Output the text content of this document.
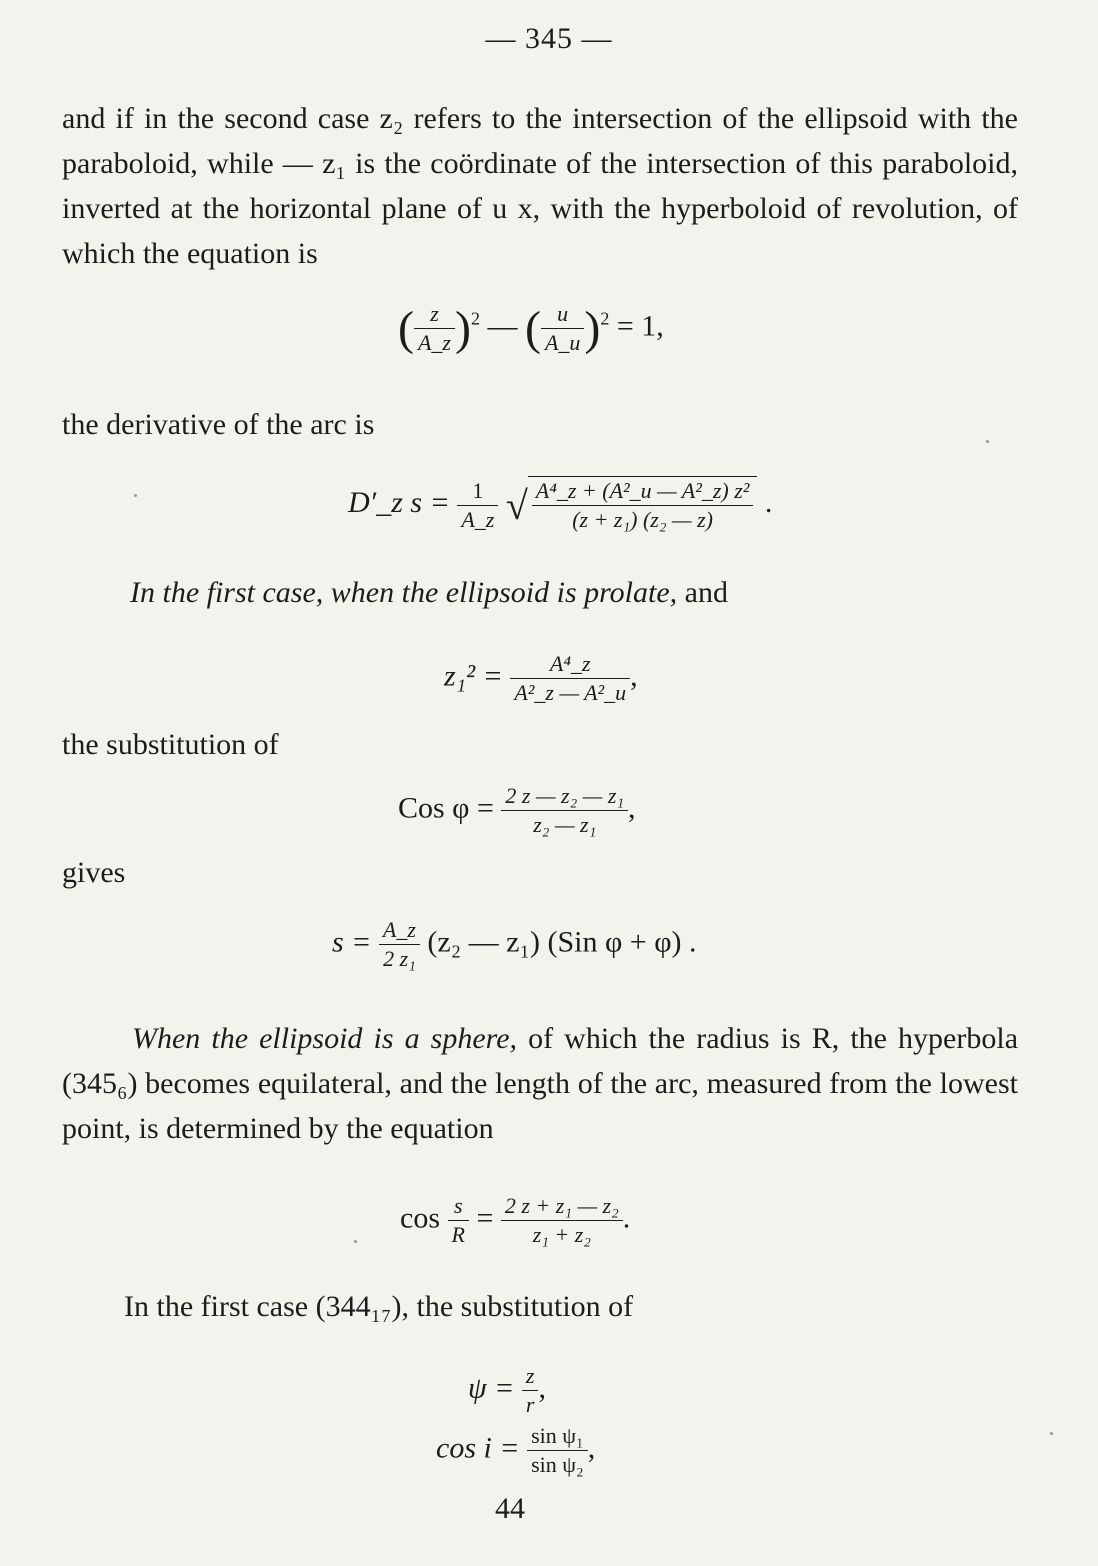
— 345 —

and if in the second case z₂ refers to the intersection of the ellipsoid with the paraboloid, while — z₁ is the coördinate of the intersection of this paraboloid, inverted at the horizontal plane of u x, with the hyperboloid of revolution, of which the equation is

( $\frac{z}{A\_z} )^2$ — ( $\frac{u}{A\_u} )^2 = 1$,
the derivative of the arc is
D′_z $s = \frac{1}{A\_z}$ √ $\frac{\text{A⁴\_z + (A²\_u — A²\_z) z²}}{\text{(z + z₁) (z₂ — z)}}$ .
In the first case, when the ellipsoid is prolate, and
$z_1^2 = \frac{\text{A⁴\_z}}{\text{A²\_z — A²\_u}}$ ,
the substitution of
Cos $\varphi = \frac{\text{2 z — z₂ — z₁}}{\text{z₂ — z₁}}$ ,
gives
$s = \frac{A\_z}{\text{2 z₁}} (z_2$ — z₁) (Sin φ + φ) .

When the ellipsoid is a sphere, of which the radius is R, the hyperbola (345₆) becomes equilateral, and the length of the arc, measured from the lowest point, is determined by the equation

$\cos \frac{s}{R} = \frac{\text{2 z + z₁ — z₂}}{\text{z₁ + z₂}}$ .
In the first case (344₁₇), the substitution of
$\psi = \frac{z}{r}$ ,
$\cos i = \frac{\text{sin ψ₁}}{\text{sin ψ₂}}$ ,
44
